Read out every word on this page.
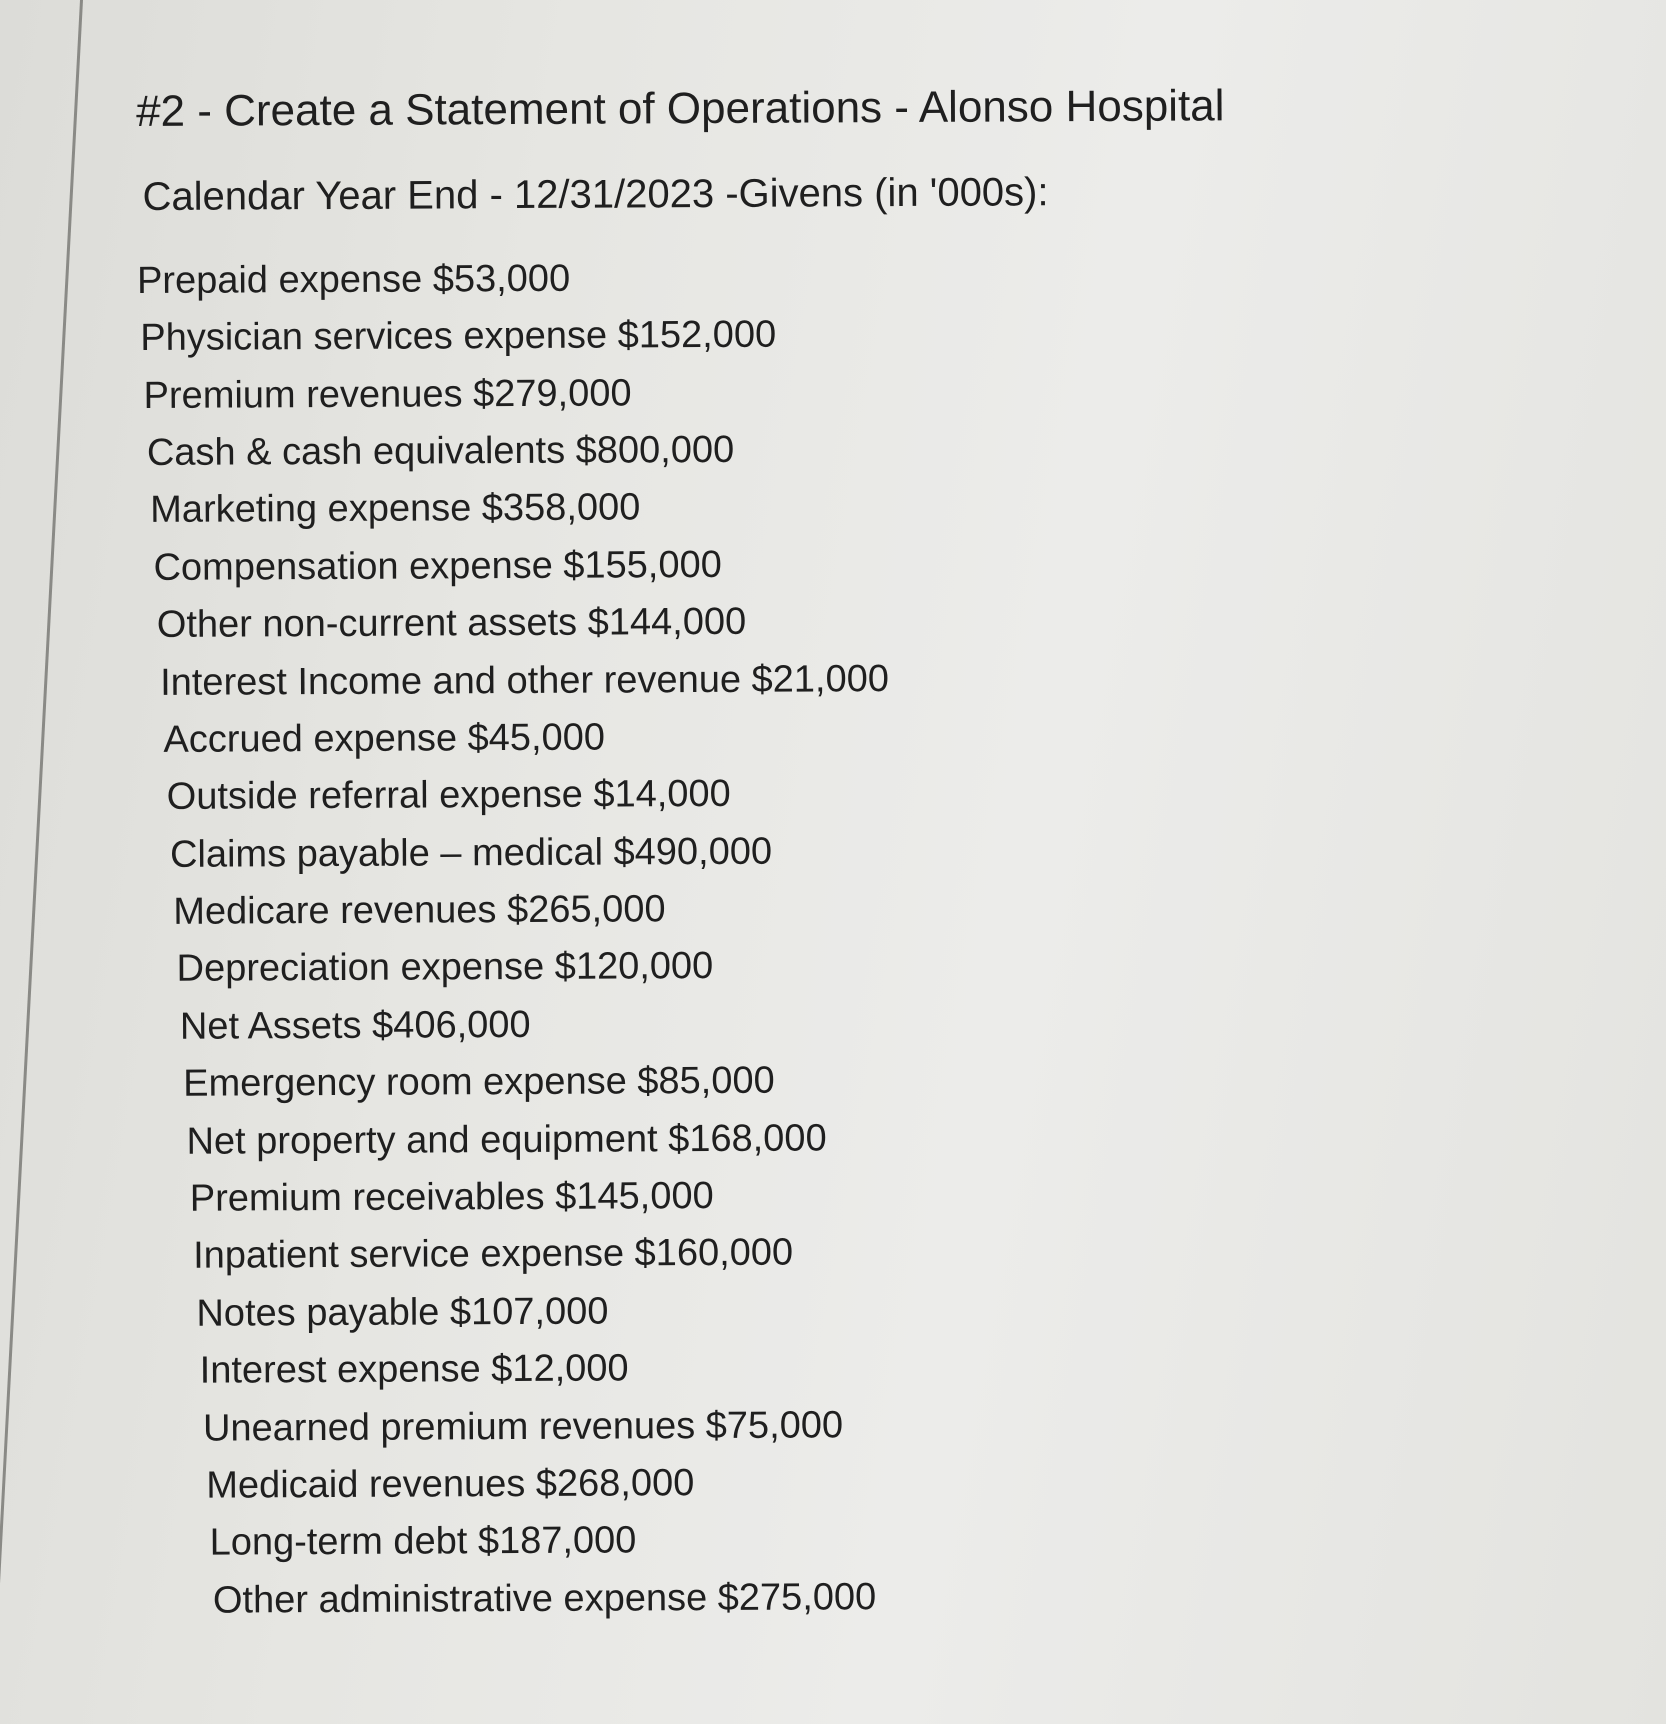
#2 - Create a Statement of Operations - Alonso Hospital
Calendar Year End - 12/31/2023 -Givens (in '000s):
Prepaid expense $53,000
Physician services expense $152,000
Premium revenues $279,000
Cash & cash equivalents $800,000
Marketing expense $358,000
Compensation expense $155,000
Other non-current assets $144,000
Interest Income and other revenue $21,000
Accrued expense $45,000
Outside referral expense $14,000
Claims payable – medical $490,000
Medicare revenues $265,000
Depreciation expense $120,000
Net Assets $406,000
Emergency room expense $85,000
Net property and equipment $168,000
Premium receivables $145,000
Inpatient service expense $160,000
Notes payable $107,000
Interest expense $12,000
Unearned premium revenues $75,000
Medicaid revenues $268,000
Long-term debt $187,000
Other administrative expense $275,000
